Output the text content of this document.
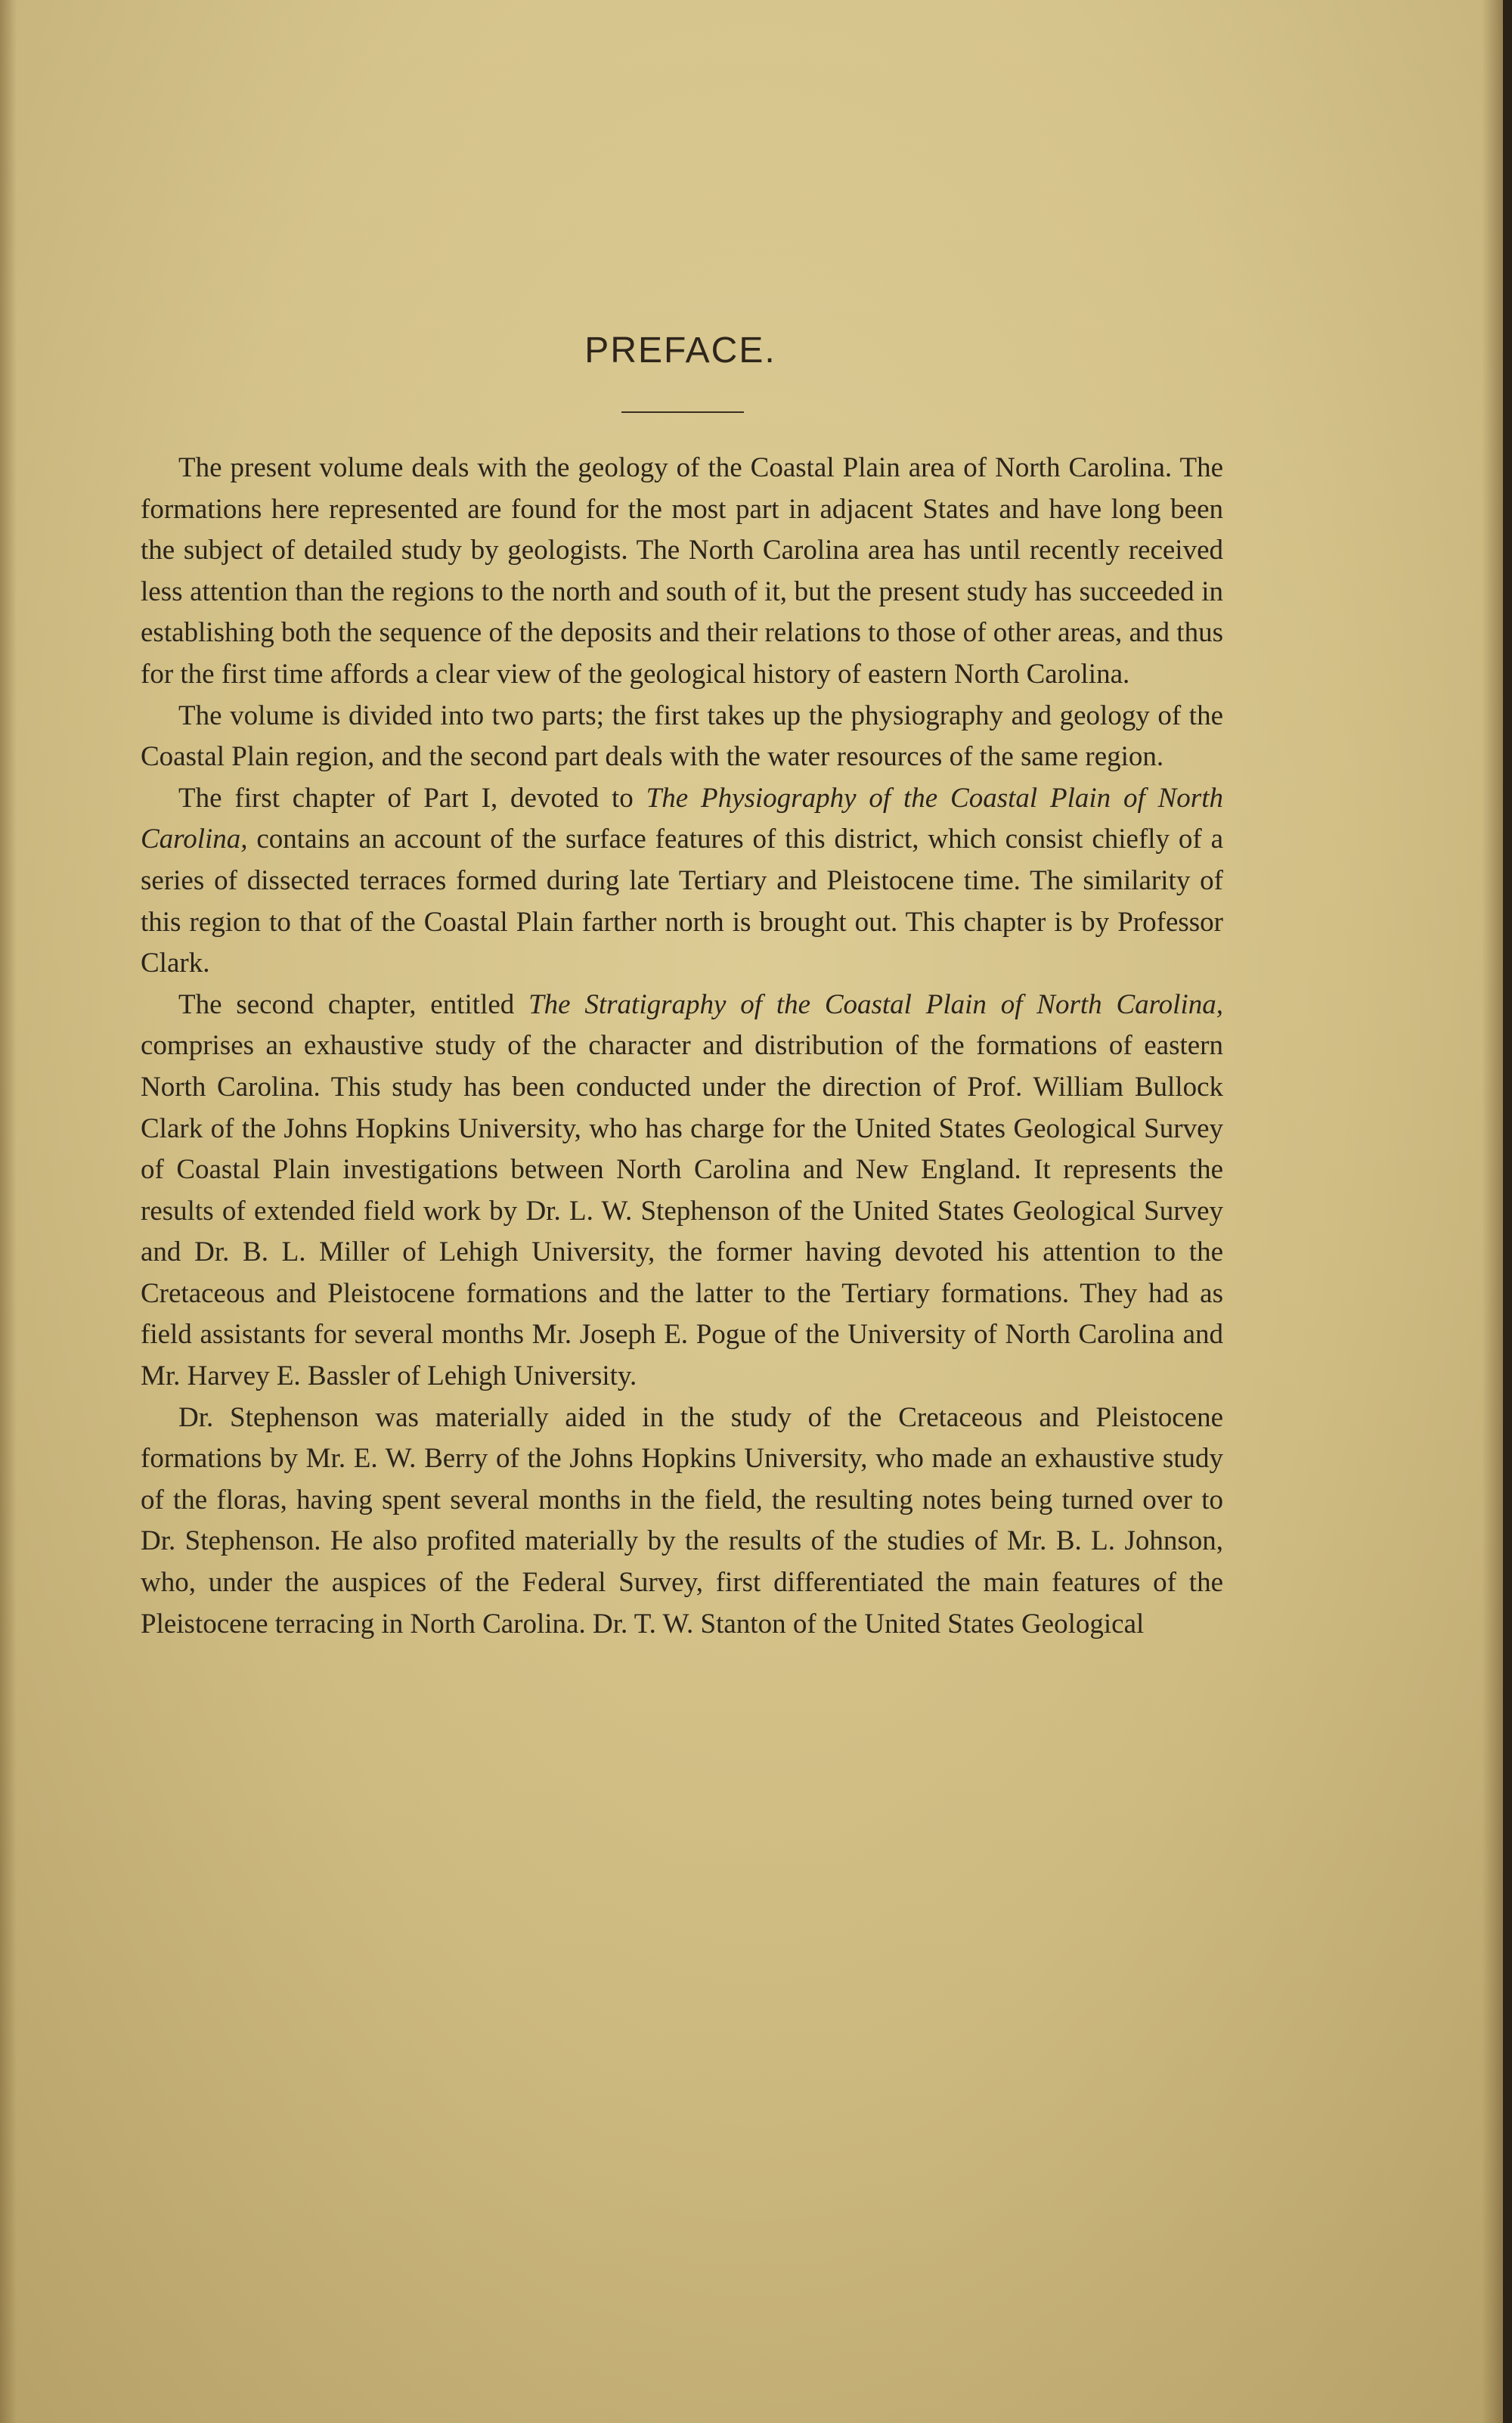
PREFACE.

The present volume deals with the geology of the Coastal Plain area of North Carolina. The formations here represented are found for the most part in adjacent States and have long been the subject of detailed study by geologists. The North Carolina area has until recently received less attention than the regions to the north and south of it, but the present study has succeeded in establishing both the sequence of the deposits and their relations to those of other areas, and thus for the first time affords a clear view of the geological history of eastern North Carolina.

The volume is divided into two parts; the first takes up the physiography and geology of the Coastal Plain region, and the second part deals with the water resources of the same region.

The first chapter of Part I, devoted to The Physiography of the Coastal Plain of North Carolina, contains an account of the surface features of this district, which consist chiefly of a series of dissected terraces formed during late Tertiary and Pleistocene time. The similarity of this region to that of the Coastal Plain farther north is brought out. This chapter is by Professor Clark.

The second chapter, entitled The Stratigraphy of the Coastal Plain of North Carolina, comprises an exhaustive study of the character and distribution of the formations of eastern North Carolina. This study has been conducted under the direction of Prof. William Bullock Clark of the Johns Hopkins University, who has charge for the United States Geological Survey of Coastal Plain investigations between North Carolina and New England. It represents the results of extended field work by Dr. L. W. Stephenson of the United States Geological Survey and Dr. B. L. Miller of Lehigh University, the former having devoted his attention to the Cretaceous and Pleistocene formations and the latter to the Tertiary formations. They had as field assistants for several months Mr. Joseph E. Pogue of the University of North Carolina and Mr. Harvey E. Bassler of Lehigh University.

Dr. Stephenson was materially aided in the study of the Cretaceous and Pleistocene formations by Mr. E. W. Berry of the Johns Hopkins University, who made an exhaustive study of the floras, having spent several months in the field, the resulting notes being turned over to Dr. Stephenson. He also profited materially by the results of the studies of Mr. B. L. Johnson, who, under the auspices of the Federal Survey, first differentiated the main features of the Pleistocene terracing in North Carolina. Dr. T. W. Stanton of the United States Geological
